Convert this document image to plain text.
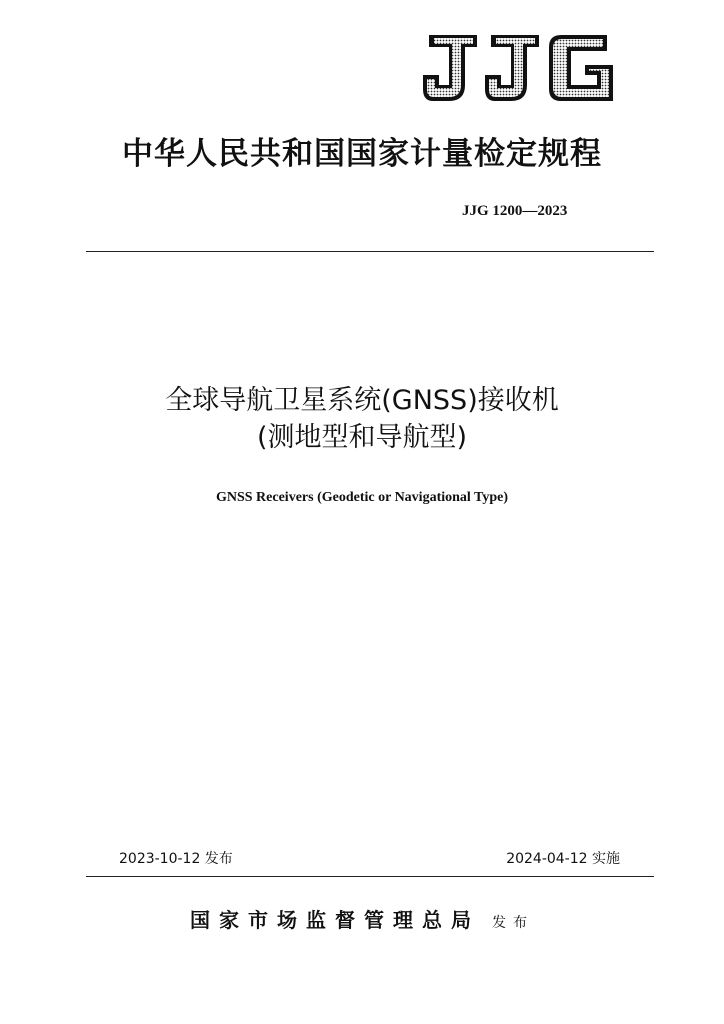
中华人民共和国国家计量检定规程
JJG 1200—2023
全球导航卫星系统(GNSS)接收机
(测地型和导航型)
GNSS Receivers (Geodetic or Navigational Type)
2023-10-12 发布	2024-04-12 实施
国家市场监督管理总局 发布
